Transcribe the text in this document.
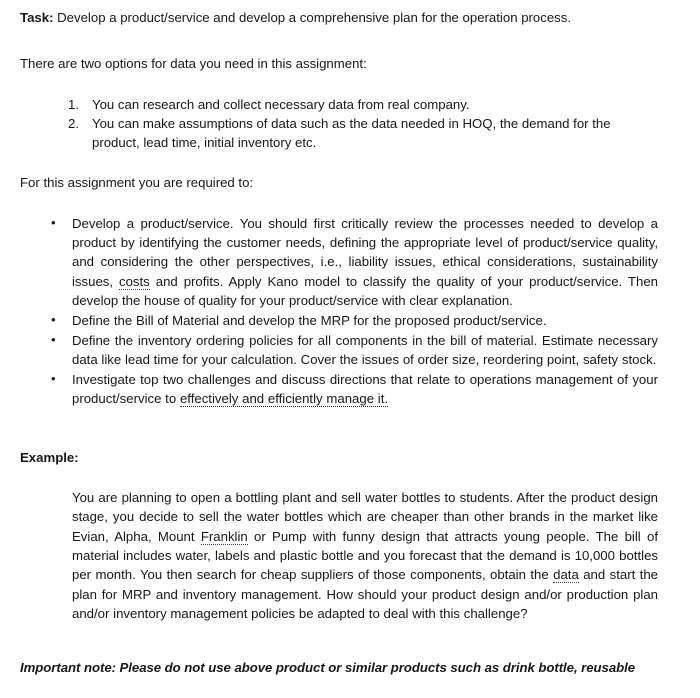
Task: Develop a product/service and develop a comprehensive plan for the operation process.

There are two options for data you need in this assignment:

You can research and collect necessary data from real company.
You can make assumptions of data such as the data needed in HOQ, the demand for the product, lead time, initial inventory etc.

For this assignment you are required to:

• Develop a product/service. You should first critically review the processes needed to develop a product by identifying the customer needs, defining the appropriate level of product/service quality, and considering the other perspectives, i.e., liability issues, ethical considerations, sustainability issues, costs and profits. Apply Kano model to classify the quality of your product/service. Then develop the house of quality for your product/service with clear explanation.
• Define the Bill of Material and develop the MRP for the proposed product/service.
• Define the inventory ordering policies for all components in the bill of material. Estimate necessary data like lead time for your calculation. Cover the issues of order size, reordering point, safety stock.
• Investigate top two challenges and discuss directions that relate to operations management of your product/service to effectively and efficiently manage it.

Example:

You are planning to open a bottling plant and sell water bottles to students. After the product design stage, you decide to sell the water bottles which are cheaper than other brands in the market like Evian, Alpha, Mount Franklin or Pump with funny design that attracts young people. The bill of material includes water, labels and plastic bottle and you forecast that the demand is 10,000 bottles per month. You then search for cheap suppliers of those components, obtain the data and start the plan for MRP and inventory management. How should your product design and/or production plan and/or inventory management policies be adapted to deal with this challenge?

Important note: Please do not use above product or similar products such as drink bottle, reusable
